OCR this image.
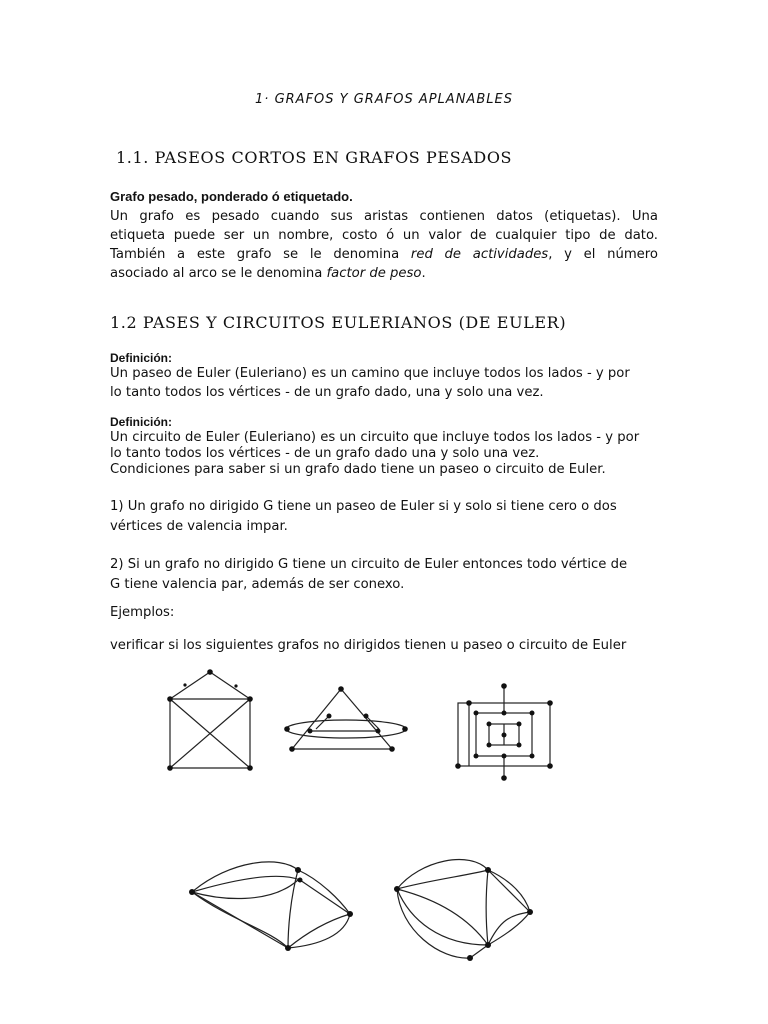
1· GRAFOS Y GRAFOS APLANABLES
1.1. PASEOS CORTOS EN GRAFOS PESADOS
Grafo pesado, ponderado ó etiquetado.
Un grafo es pesado cuando sus aristas contienen datos (etiquetas). Una
etiqueta puede ser un nombre, costo ó un valor de cualquier tipo de dato.
También a este grafo se le denomina red de actividades, y el número
asociado al arco se le denomina factor de peso.
1.2 PASES Y CIRCUITOS EULERIANOS (DE EULER)
Definición:
Un paseo de Euler (Euleriano) es un camino que incluye todos los lados - y por
lo tanto todos los vértices - de un grafo dado, una y solo una vez.
Definición:
Un circuito de Euler (Euleriano) es un circuito que incluye todos los lados - y por
lo tanto todos los vértices - de un grafo dado una y solo una vez.
Condiciones para saber si un grafo dado tiene un paseo o circuito de Euler.
1) Un grafo no dirigido G tiene un paseo de Euler si y solo si tiene cero o dos
vértices de valencia impar.
2) Si un grafo no dirigido G tiene un circuito de Euler entonces todo vértice de
G tiene valencia par, además de ser conexo.
Ejemplos:
verificar si los siguientes grafos no dirigidos tienen u paseo o circuito de Euler
